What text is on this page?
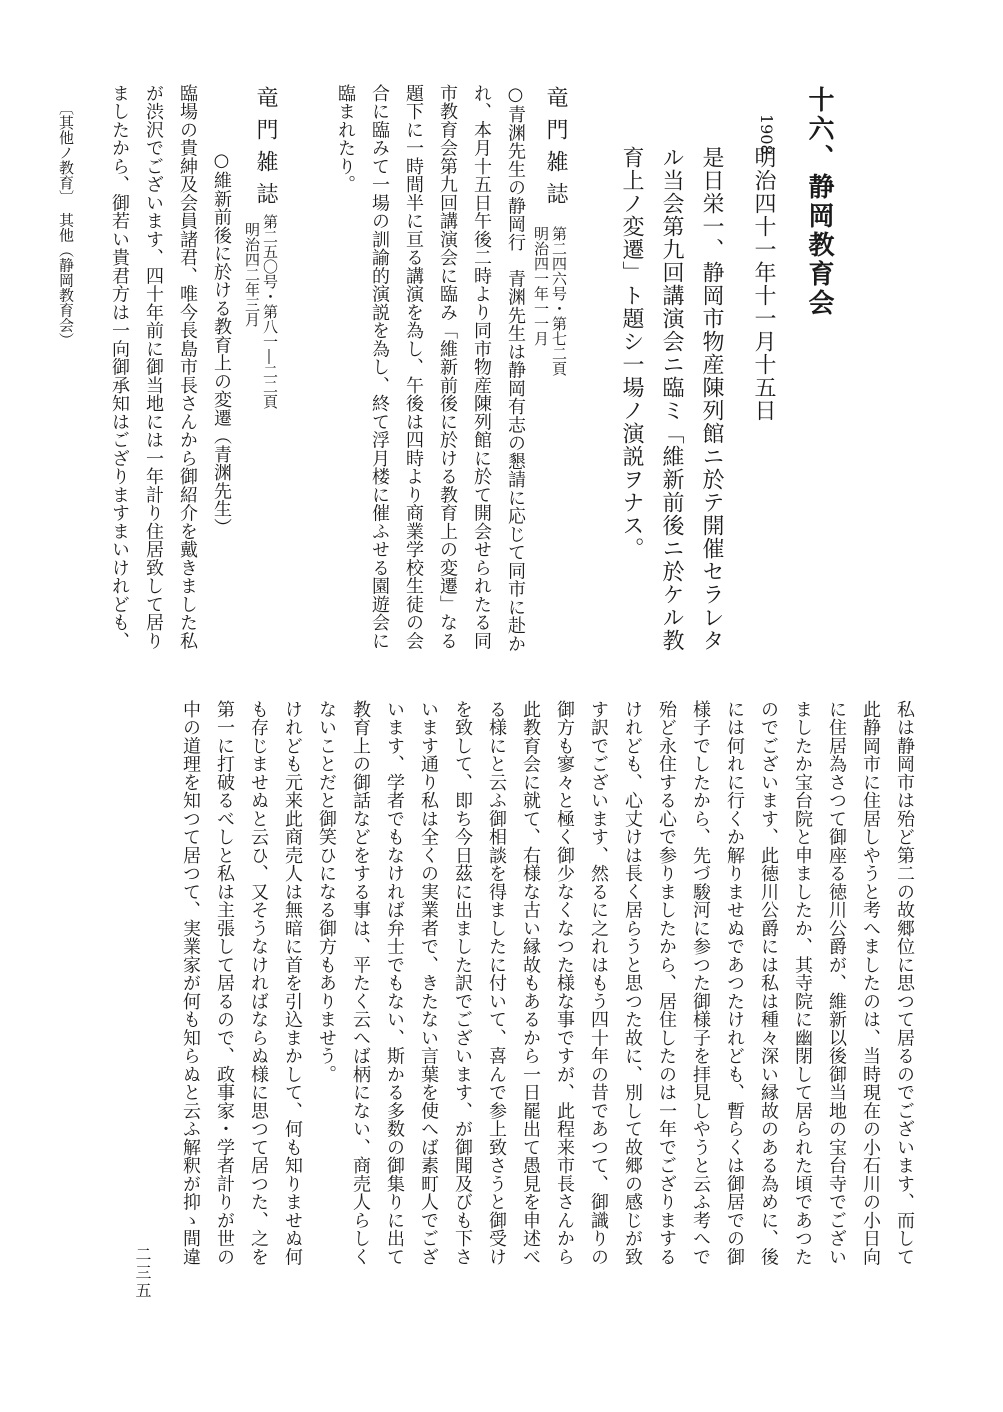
十六、静岡教育会
1908
明治四十一年十一月十五日
是日栄一、静岡市物産陳列館ニ於テ開催セラレタ
ル当会第九回講演会ニ臨ミ「維新前後ニ於ケル教
育上ノ変遷」ト題シ一場ノ演説ヲナス。
竜門雑誌
第二四六号・第七二頁
明治四一年一一月
○青渊先生の静岡行　青渊先生は静岡有志の懇請に応じて同市に赴か
れ、本月十五日午後二時より同市物産陳列館に於て開会せられたる同
市教育会第九回講演会に臨み「維新前後に於ける教育上の変遷」なる
題下に一時間半に亘る講演を為し、午後は四時より商業学校生徒の会
合に臨みて一場の訓諭的演説を為し、終て浮月楼に催ふせる園遊会に
臨まれたり。
竜門雑誌
第二五〇号・第八一―二二頁
明治四二年三月
○維新前後に於ける教育上の変遷（青渊先生）
臨場の貴紳及会員諸君、唯今長島市長さんから御紹介を戴きました私
が渋沢でございます、四十年前に御当地には一年計り住居致して居り
ましたから、御若い貴君方は一向御承知はござりますまいけれども、
〔其他ノ教育〕　其他（静岡教育会）
私は静岡市は殆ど第二の故郷位に思つて居るのでございます、而して
此静岡市に住居しやうと考へましたのは、当時現在の小石川の小日向
に住居為さつて御座る徳川公爵が、維新以後御当地の宝台寺でござい
ましたか宝台院と申ましたか、其寺院に幽閉して居られた頃であつた
のでございます、此徳川公爵には私は種々深い縁故のある為めに、後
には何れに行くか解りませぬであつたけれども、暫らくは御居での御
様子でしたから、先づ駿河に参つた御様子を拝見しやうと云ふ考へで
殆ど永住する心で参りましたから、居住したのは一年でござりまする
けれども、心丈けは長く居らうと思つた故に、別して故郷の感じが致
す訳でございます、然るに之れはもう四十年の昔であつて、御識りの
御方も寥々と極く御少なくなつた様な事ですが、此程来市長さんから
此教育会に就て、右様な古い縁故もあるから一日罷出て愚見を申述べ
る様にと云ふ御相談を得ましたに付いて、喜んで参上致さうと御受け
を致して、即ち今日茲に出ました訳でございます、が御聞及びも下さ
います通り私は全くの実業者で、きたない言葉を使へば素町人でござ
います、学者でもなければ弁士でもない、斯かる多数の御集りに出て
教育上の御話などをする事は、平たく云へば柄にない、商売人らしく
ないことだと御笑ひになる御方もありませう。
けれども元来此商売人は無暗に首を引込まかして、何も知りませぬ何
も存じませぬと云ひ、又そうなければならぬ様に思つて居つた、之を
第一に打破るべしと私は主張して居るので、政事家・学者計りが世の
中の道理を知つて居つて、実業家が何も知らぬと云ふ解釈が抑ゝ間違
二三五
